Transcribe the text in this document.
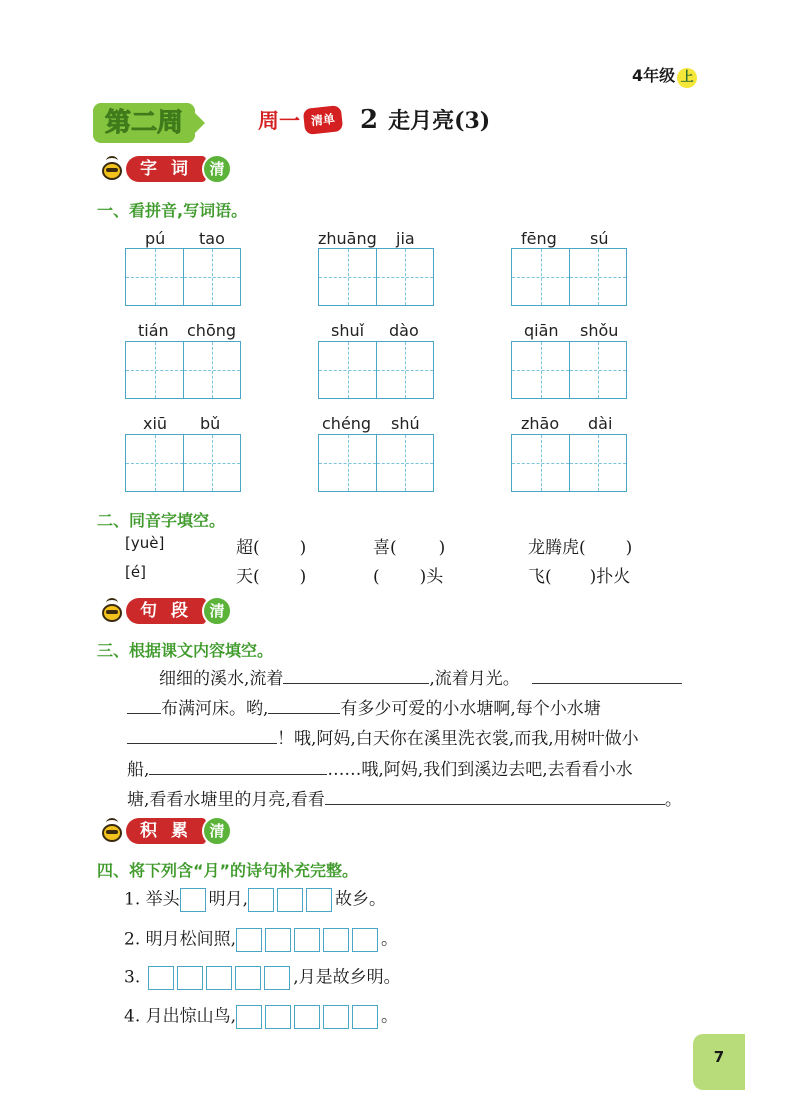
4年级 上
第二周	周一 清单 2 走月亮(3)
字词 清
一、看拼音,写词语。
pú tao	zhuāng jia	fēng sú
tián chōng	shuǐ dào	qiān shǒu
xiū bǔ	chéng shú	zhāo dài
二、同音字填空。
[yuè]	超( )	喜( )	龙腾虎( )
[é]	天( )	( )头	飞( )扑火
句段 清
三、根据课文内容填空。
细细的溪水,流着	,流着月光。
布满河床。哟,	有多少可爱的小水塘啊,每个小水塘
！哦,阿妈,白天你在溪里洗衣裳,而我,用树叶做小
船,	……哦,阿妈,我们到溪边去吧,去看看小水
塘,看看水塘里的月亮,看看	。
积累 清
四、将下列含“月”的诗句补充完整。
1. 举头 明月,	故乡。
2. 明月松间照,	。
3.	,月是故乡明。
4. 月出惊山鸟,	。
7
